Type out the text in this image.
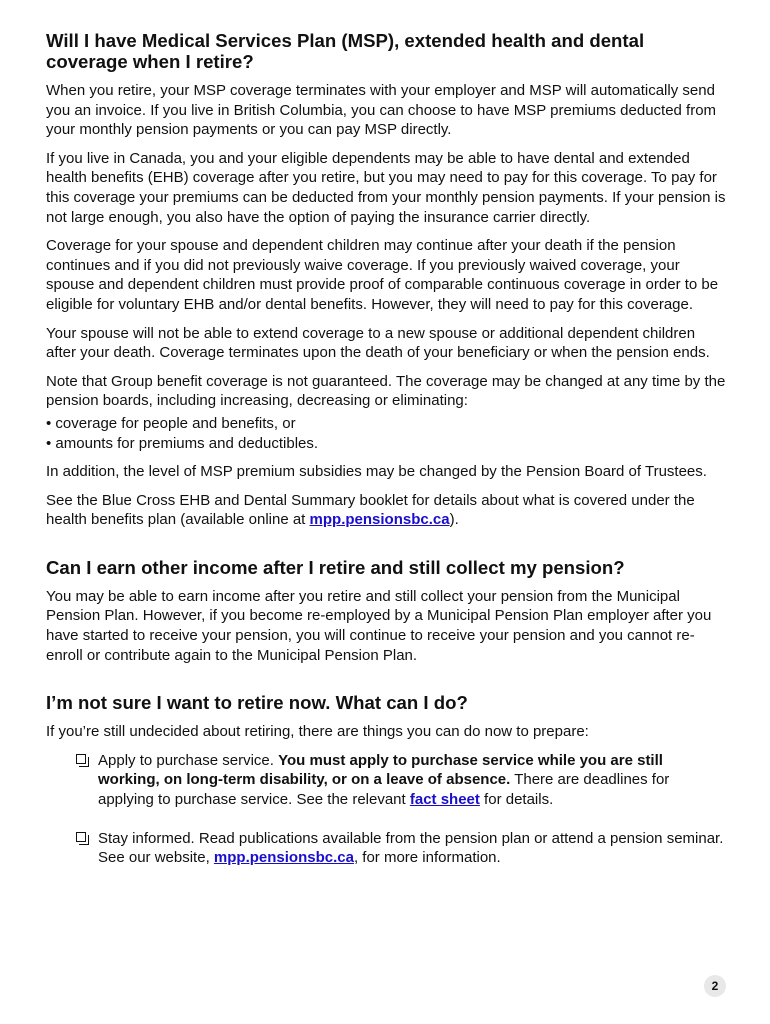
Will I have Medical Services Plan (MSP), extended health and dental coverage when I retire?

When you retire, your MSP coverage terminates with your employer and MSP will automatically send you an invoice. If you live in British Columbia, you can choose to have MSP premiums deducted from your monthly pension payments or you can pay MSP directly.

If you live in Canada, you and your eligible dependents may be able to have dental and extended health benefits (EHB) coverage after you retire, but you may need to pay for this coverage. To pay for this coverage your premiums can be deducted from your monthly pension payments. If your pension is not large enough, you also have the option of paying the insurance carrier directly.

Coverage for your spouse and dependent children may continue after your death if the pension continues and if you did not previously waive coverage. If you previously waived coverage, your spouse and dependent children must provide proof of comparable continuous coverage in order to be eligible for voluntary EHB and/or dental benefits. However, they will need to pay for this coverage.

Your spouse will not be able to extend coverage to a new spouse or additional dependent children after your death. Coverage terminates upon the death of your beneficiary or when the pension ends.

Note that Group benefit coverage is not guaranteed. The coverage may be changed at any time by the pension boards, including increasing, decreasing or eliminating:

• coverage for people and benefits, or
• amounts for premiums and deductibles.

In addition, the level of MSP premium subsidies may be changed by the Pension Board of Trustees.

See the Blue Cross EHB and Dental Summary booklet for details about what is covered under the health benefits plan (available online at mpp.pensionsbc.ca).

Can I earn other income after I retire and still collect my pension?

You may be able to earn income after you retire and still collect your pension from the Municipal Pension Plan. However, if you become re-employed by a Municipal Pension Plan employer after you have started to receive your pension, you will continue to receive your pension and you cannot re-enroll or contribute again to the Municipal Pension Plan.

I’m not sure I want to retire now. What can I do?

If you’re still undecided about retiring, there are things you can do now to prepare:

Apply to purchase service. You must apply to purchase service while you are still working, on long-term disability, or on a leave of absence. There are deadlines for applying to purchase service. See the relevant fact sheet for details.
Stay informed. Read publications available from the pension plan or attend a pension seminar. See our website, mpp.pensionsbc.ca, for more information.
2
